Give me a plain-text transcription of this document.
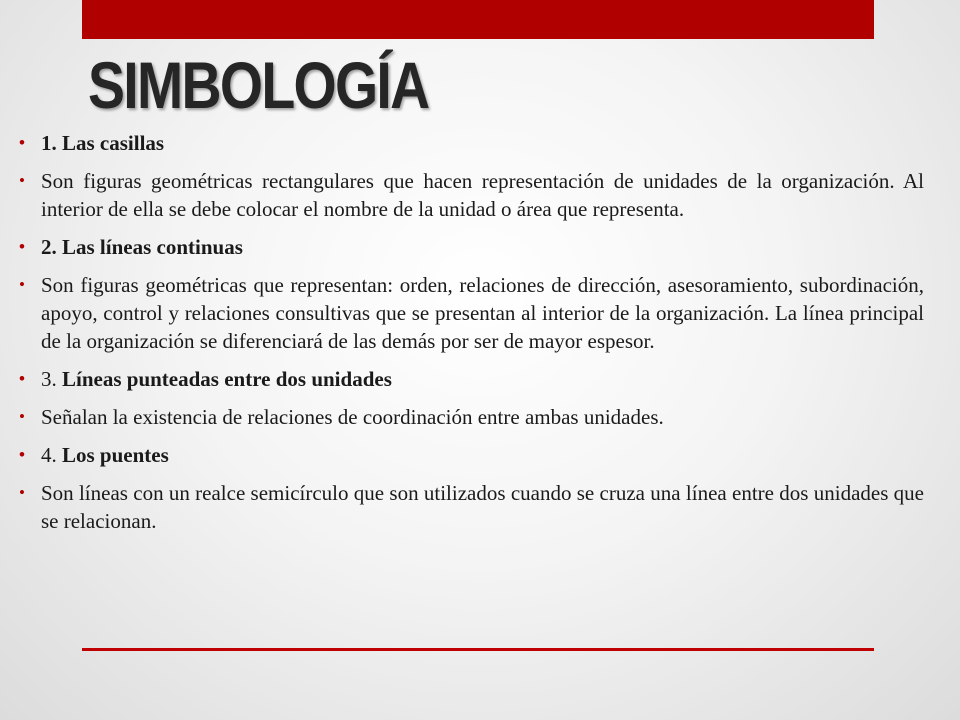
SIMBOLOGÍA
• 1. Las casillas
• Son figuras geométricas rectangulares que hacen representación de unidades de la organización. Al interior de ella se debe colocar el nombre de la unidad o área que representa.
• 2. Las líneas continuas
• Son figuras geométricas que representan: orden, relaciones de dirección, asesoramiento, subordinación, apoyo, control y relaciones consultivas que se presentan al interior de la organización. La línea principal de la organización se diferenciará de las demás por ser de mayor espesor.
• 3. Líneas punteadas entre dos unidades
• Señalan la existencia de relaciones de coordinación entre ambas unidades.
• 4. Los puentes
• Son líneas con un realce semicírculo que son utilizados cuando se cruza una línea entre dos unidades que se relacionan.
